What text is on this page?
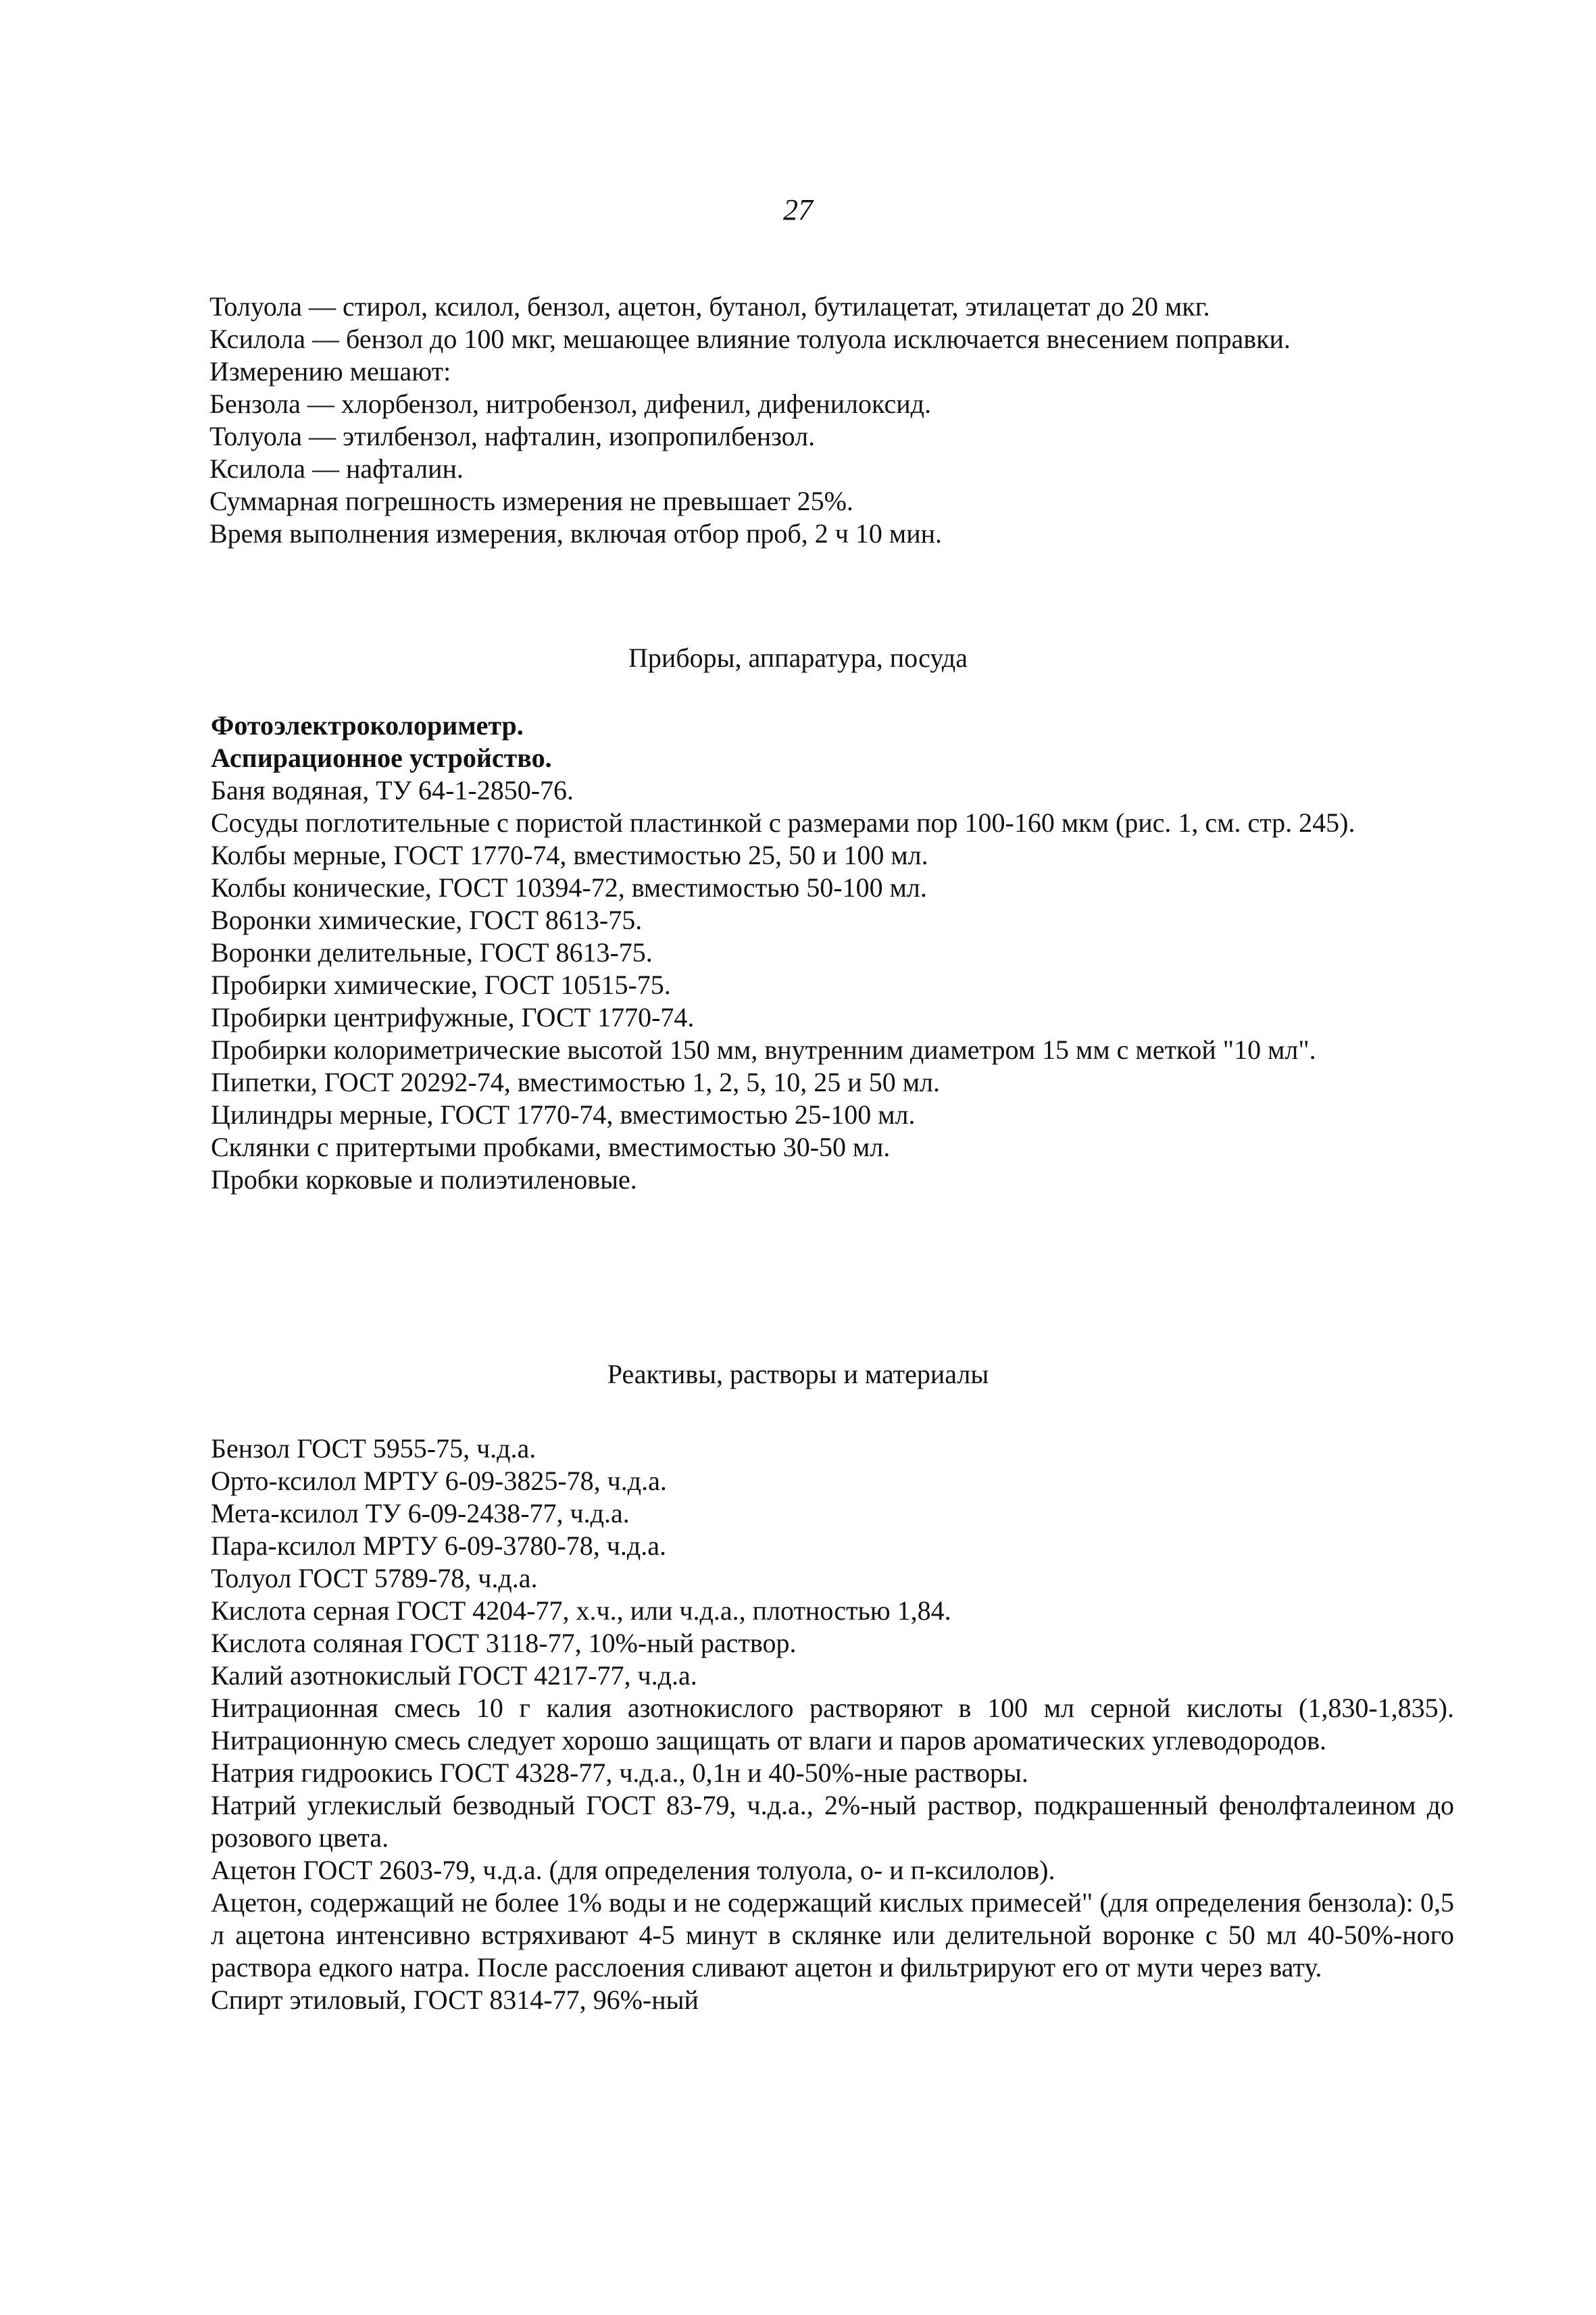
27
Толуола — стирол, ксилол, бензол, ацетон, бутанол, бутилацетат, этилацетат до 20 мкг.
Ксилола — бензол до 100 мкг, мешающее влияние толуола исключается внесением поправки.
Измерению мешают:
Бензола — хлорбензол, нитробензол, дифенил, дифенилоксид.
Толуола — этилбензол, нафталин, изопропилбензол.
Ксилола — нафталин.
Суммарная погрешность измерения не превышает 25%.
Время выполнения измерения, включая отбор проб, 2 ч 10 мин.
Приборы, аппаратура, посуда
Фотоэлектроколориметр.
Аспирационное устройство.
Баня водяная, ТУ 64-1-2850-76.
Сосуды поглотительные с пористой пластинкой с размерами пор 100-160 мкм (рис. 1, см. стр. 245).
Колбы мерные, ГОСТ 1770-74, вместимостью 25, 50 и 100 мл.
Колбы конические, ГОСТ 10394-72, вместимостью 50-100 мл.
Воронки химические, ГОСТ 8613-75.
Воронки делительные, ГОСТ 8613-75.
Пробирки химические, ГОСТ 10515-75.
Пробирки центрифужные, ГОСТ 1770-74.
Пробирки колориметрические высотой 150 мм, внутренним диаметром 15 мм с меткой "10 мл".
Пипетки, ГОСТ 20292-74, вместимостью 1, 2, 5, 10, 25 и 50 мл.
Цилиндры мерные, ГОСТ 1770-74, вместимостью 25-100 мл.
Склянки с притертыми пробками, вместимостью 30-50 мл.
Пробки корковые и полиэтиленовые.
Реактивы, растворы и материалы
Бензол ГОСТ 5955-75, ч.д.а.
Орто-ксилол МРТУ 6-09-3825-78, ч.д.а.
Мета-ксилол ТУ 6-09-2438-77, ч.д.а.
Пара-ксилол МРТУ 6-09-3780-78, ч.д.а.
Толуол ГОСТ 5789-78, ч.д.а.
Кислота серная ГОСТ 4204-77, х.ч., или ч.д.а., плотностью 1,84.
Кислота соляная ГОСТ 3118-77, 10%-ный раствор.
Калий азотнокислый ГОСТ 4217-77, ч.д.а.
Нитрационная смесь 10 г калия азотнокислого растворяют в 100 мл серной кислоты (1,830-1,835). Нитрационную смесь следует хорошо защищать от влаги и паров ароматических углеводородов.
Натрия гидроокись ГОСТ 4328-77, ч.д.а., 0,1н и 40-50%-ные растворы.
Натрий углекислый безводный ГОСТ 83-79, ч.д.а., 2%-ный раствор, подкрашенный фенолфталеином до розового цвета.
Ацетон ГОСТ 2603-79, ч.д.а. (для определения толуола, о- и п-ксилолов).
Ацетон, содержащий не более 1% воды и не содержащий кислых примесей" (для определения бензола): 0,5 л ацетона интенсивно встряхивают 4-5 минут в склянке или делительной воронке с 50 мл 40-50%-ного раствора едкого натра. После расслоения сливают ацетон и фильтрируют его от мути через вату.
Спирт этиловый, ГОСТ 8314-77, 96%-ный
